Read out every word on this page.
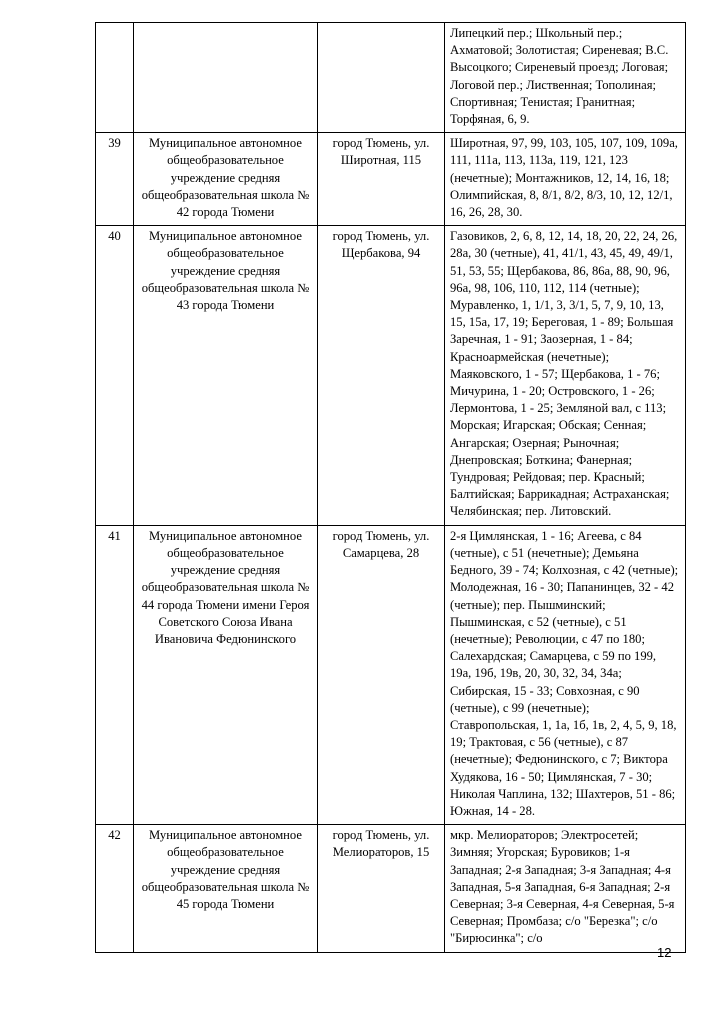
			Липецкий пер.; Школьный пер.; Ахматовой; Золотистая; Сиреневая; В.С. Высоцкого; Сиреневый проезд; Логовая; Логовой пер.; Лиственная; Тополиная; Спортивная; Тенистая; Гранитная; Торфяная, 6, 9.
39	Муниципальное автономное общеобразовательное учреждение средняя общеобразовательная школа № 42 города Тюмени	город Тюмень, ул. Широтная, 115	Широтная, 97, 99, 103, 105, 107, 109, 109а, 111, 111а, 113, 113а, 119, 121, 123 (нечетные); Монтажников, 12, 14, 16, 18; Олимпийская, 8, 8/1, 8/2, 8/3, 10, 12, 12/1, 16, 26, 28, 30.
40	Муниципальное автономное общеобразовательное учреждение средняя общеобразовательная школа № 43 города Тюмени	город Тюмень, ул. Щербакова, 94	Газовиков, 2, 6, 8, 12, 14, 18, 20, 22, 24, 26, 28а, 30 (четные), 41, 41/1, 43, 45, 49, 49/1, 51, 53, 55; Щербакова, 86, 86а, 88, 90, 96, 96а, 98, 106, 110, 112, 114 (четные); Муравленко, 1, 1/1, 3, 3/1, 5, 7, 9, 10, 13, 15, 15а, 17, 19; Береговая, 1 - 89; Большая Заречная, 1 - 91; Заозерная, 1 - 84; Красноармейская (нечетные); Маяковского, 1 - 57; Щербакова, 1 - 76; Мичурина, 1 - 20; Островского, 1 - 26; Лермонтова, 1 - 25; Земляной вал, с 113; Морская; Игарская; Обская; Сенная; Ангарская; Озерная; Рыночная; Днепровская; Боткина; Фанерная; Тундровая; Рейдовая; пер. Красный; Балтийская; Баррикадная; Астраханская; Челябинская; пер. Литовский.
41	Муниципальное автономное общеобразовательное учреждение средняя общеобразовательная школа № 44 города Тюмени имени Героя Советского Союза Ивана Ивановича Федюнинского	город Тюмень, ул. Самарцева, 28	2-я Цимлянская, 1 - 16; Агеева, с 84 (четные), с 51 (нечетные); Демьяна Бедного, 39 - 74; Колхозная, с 42 (четные); Молодежная, 16 - 30; Папанинцев, 32 - 42 (четные); пер. Пышминский; Пышминская, с 52 (четные), с 51 (нечетные); Революции, с 47 по 180; Салехардская; Самарцева, с 59 по 199, 19а, 19б, 19в, 20, 30, 32, 34, 34а; Сибирская, 15 - 33; Совхозная, с 90 (четные), с 99 (нечетные); Ставропольская, 1, 1а, 1б, 1в, 2, 4, 5, 9, 18, 19; Трактовая, с 56 (четные), с 87 (нечетные); Федюнинского, с 7; Виктора Худякова, 16 - 50; Цимлянская, 7 - 30; Николая Чаплина, 132; Шахтеров, 51 - 86; Южная, 14 - 28.
42	Муниципальное автономное общеобразовательное учреждение средняя общеобразовательная школа № 45 города Тюмени	город Тюмень, ул. Мелиораторов, 15	мкр. Мелиораторов; Электросетей; Зимняя; Угорская; Буровиков; 1-я Западная; 2-я Западная; 3-я Западная; 4-я Западная, 5-я Западная, 6-я Западная; 2-я Северная; 3-я Северная, 4-я Северная, 5-я Северная; Промбаза; с/о "Березка"; с/о "Бирюсинка"; с/о
12
